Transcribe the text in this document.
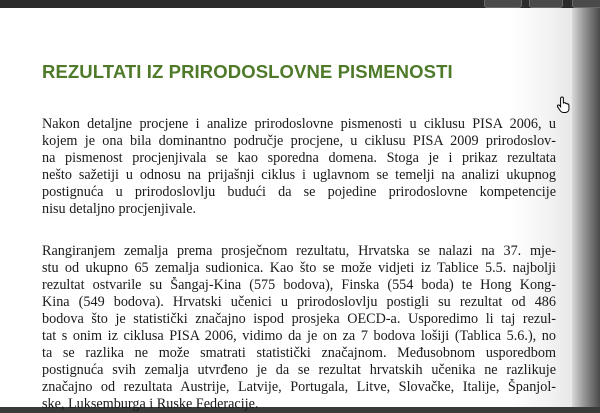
REZULTATI IZ PRIRODOSLOVNE PISMENOSTI
Nakon detaljne procjene i analize prirodoslovne pismenosti u ciklusu PISA 2006, u
kojem je ona bila dominantno područje procjene, u ciklusu PISA 2009 prirodoslov-
na pismenost procjenjivala se kao sporedna domena. Stoga je i prikaz rezultata
nešto sažetiji u odnosu na prijašnji ciklus i uglavnom se temelji na analizi ukupnog
postignuća u prirodoslovlju budući da se pojedine prirodoslovne kompetencije
nisu detaljno procjenjivale.
Rangiranjem zemalja prema prosječnom rezultatu, Hrvatska se nalazi na 37. mje-
stu od ukupno 65 zemalja sudionica. Kao što se može vidjeti iz Tablice 5.5. najbolji
rezultat ostvarile su Šangaj-Kina (575 bodova), Finska (554 boda) te Hong Kong-
Kina (549 bodova). Hrvatski učenici u prirodoslovlju postigli su rezultat od 486
bodova što je statistički značajno ispod prosjeka OECD-a. Usporedimo li taj rezul-
tat s onim iz ciklusa PISA 2006, vidimo da je on za 7 bodova lošiji (Tablica 5.6.), no
ta se razlika ne može smatrati statistički značajnom. Međusobnom usporedbom
postignuća svih zemalja utvrđeno je da se rezultat hrvatskih učenika ne razlikuje
značajno od rezultata Austrije, Latvije, Portugala, Litve, Slovačke, Italije, Španjol-
ske, Luksemburga i Ruske Federacije.
